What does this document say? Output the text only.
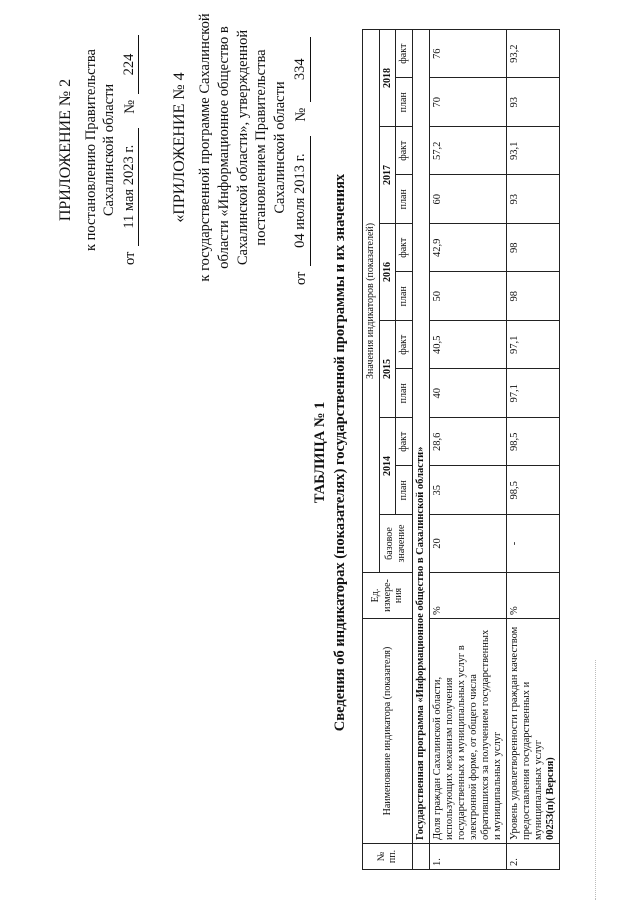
ПРИЛОЖЕНИЕ № 2 к постановлению Правительства Сахалинской области
от
11 мая 2023 г.
№
224
«ПРИЛОЖЕНИЕ № 4 к государственной программе Сахалинской области «Информационное общество в Сахалинской области», утвержденной постановлением Правительства Сахалинской области
от
04 июля 2013 г.
№
334
ТАБЛИЦА № 1 Сведения об индикаторах (показателях) государственной программы и их значениях
№ пп.	Наименование индикатора (показателя)	Ед. измере-ния	Значения индикаторов (показателей)										
			базовое значение	2014		2015		2016		2017		2018	
				план	факт	план	факт	план	факт	план	факт	план	факт
	Государственная программа «Информационное общество в Сахалинской области»												
1.	Доля граждан Сахалинской области, использующих механизм получения государственных и муниципальных услуг в электронной форме, от общего числа обратившихся за получением государственных и муниципальных услуг	%	20	35	28,6	40	40,5	50	42,9	60	57,2	70	76
2.	Уровень удовлетворенности граждан качеством предоставления государственных и муниципальных услуг
00253(п)( Версия)	%	-	98,5	98,5	97,1	97,1	98	98	93	93,1	93	93,2
